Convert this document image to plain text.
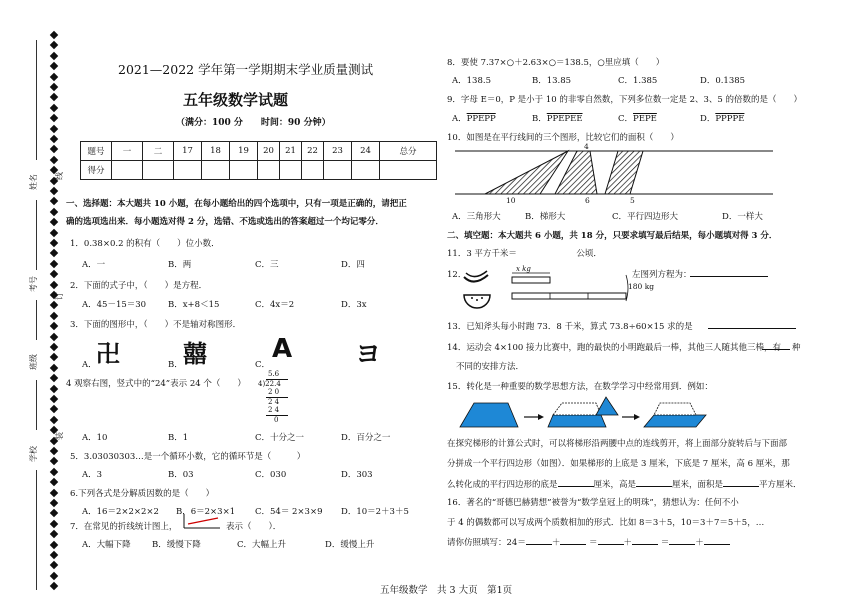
姓名
考号
班级
学校
线
订
装
2021—2022 学年第一学期期末学业质量测试
五年级数学试题
（满分：100 分　　时间：90 分钟）
题号	一	二	17	18	19	20	21	22	23	24	总分
得分											
一、选择题：本大题共 10 小题，在每小题给出的四个选项中，只有一项是正确的，请把正
确的选项选出来．每小题选对得 2 分，选错、不选或选出的答案超过一个均记零分．
1．0.38×0.2 的积有（　　）位小数．
A．一	B．两	C．三	D．四
2．下面的式子中，（　　）是方程．
A．45－15＝30	B．x+8＜15	C．4x＝2	D．3x
3．下面的图形中，（　　）不是轴对称图形．
A． 卍	B． 囍	C．
A ヨ
4 观察右图，竖式中的“24”表示 24 个（　　）
5.6
4)22.4
2 0
2 4
2 4
0
A．10	B．1	C．十分之一	D．百分之一
5．3.03030303…是一个循环小数，它的循环节是（　　　）
A．3	B．03	C．030	D．303
6.下列各式是分解质因数的是（　　）
A．16＝2×2×2×2 B．6＝2×3×1 C．54＝ 2×3×9 D．10＝2＋3＋5
7．在常见的折线统计图上，	表示（　　）．
A．大幅下降	B．缓慢下降	C．大幅上升	D．缓慢上升
8．要使 7.37×○＋2.63×○＝138.5，○里应填（　　）
A．138.5	B．13.85	C．1.385	D．0.1385
9．字母 E＝0，P 是小于 10 的非零自然数，下列多位数一定是 2、3、5 的倍数的是（　　）
A．PPEPP	B．PPEPEE	C．PEPE	D．PPPPE
10．如图是在平行线间的三个图形，比较它们的面积（　　）
4
10	6	5
A．三角形大	B．梯形大	C．平行四边形大	D．一样大
二、填空题：本大题共 6 小题，共 18 分，只要求填写最后结果，每小题填对得 3 分．
11．3 平方千米＝　　　　　　　公顷．
12．	左图列方程为：
x kg
180 kg
13．已知斧头每小时跑 73．8 千米，算式 73.8÷60×15 求的是
14．运动会 4×100 接力比赛中，跑的最快的小明跑最后一棒，其他三人随其他三棒，有 种
不同的安排方法．
15．转化是一种重要的数学思想方法，在数学学习中经常用到．例如：
在探究梯形的计算公式时，可以将梯形沿两腰中点的连线剪开，将上面部分旋转后与下面部
分拼成一个平行四边形（如图）．如果梯形的上底是 3 厘米，下底是 7 厘米，高 6 厘米，那
么转化成的平行四边形的底是	厘米，高是	厘米，面积是	平方厘米．
16．著名的“哥德巴赫猜想”被誉为“数学皇冠上的明珠”，猜想认为：任何不小
于 4 的偶数都可以写成两个质数相加的形式．比如 8＝3＋5，10＝3＋7＝5＋5，…
请你仿照填写：24＝	＋	＝	＋	＝	＋
五年级数学　共 3 大页　第1页
